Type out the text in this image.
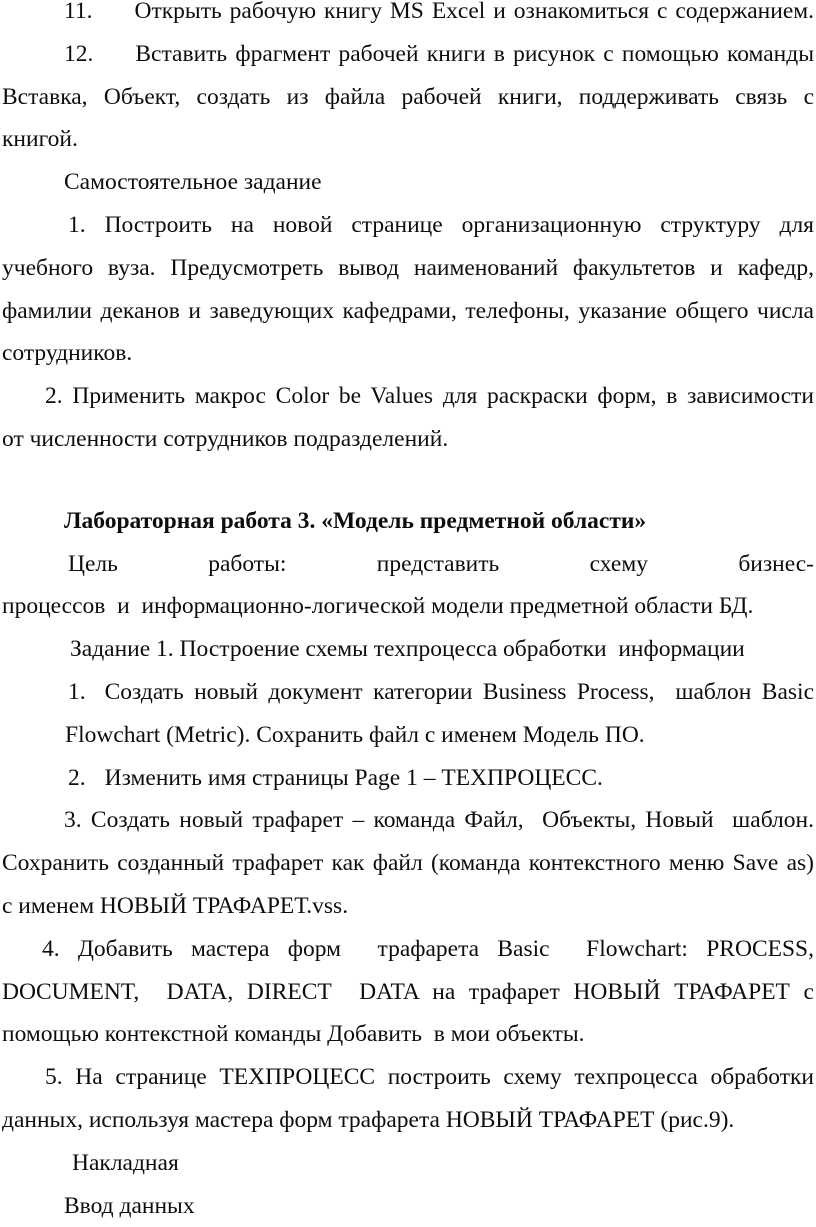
11. Открыть рабочую книгу MS Excel и ознакомиться с содержанием.
12. Вставить фрагмент рабочей книги в рисунок с помощью команды
Вставка, Объект, создать из файла рабочей книги, поддерживать связь с
книгой.
Самостоятельное задание
1. Построить на новой странице организационную структуру для
учебного вуза. Предусмотреть вывод наименований факультетов и кафедр,
фамилии деканов и заведующих кафедрами, телефоны, указание общего числа
сотрудников.
2. Применить макрос Color be Values для раскраски форм, в зависимости
от численности сотрудников подразделений.
Лабораторная работа 3. «Модель предметной области»
Цель работы: представить схему бизнес-
процессов  и  информационно-логической модели предметной области БД.
Задание 1. Построение схемы техпроцесса обработки  информации
1. Создать новый документ категории Business Process,  шаблон Basic
Flowchart (Metric). Сохранить файл с именем Модель ПО.
2. Изменить имя страницы Page 1 – ТЕХПРОЦЕСС.
3. Создать новый трафарет – команда Файл,  Объекты, Новый  шаблон.
Сохранить созданный трафарет как файл (команда контекстного меню Save as)
с именем НОВЫЙ ТРАФАРЕТ.vss.
4. Добавить мастера форм  трафарета Basic  Flowchart: PROCESS,
DOCUMENT,  DATA, DIRECT  DATA на трафарет НОВЫЙ ТРАФАРЕТ с
помощью контекстной команды Добавить  в мои объекты.
5. На странице ТЕХПРОЦЕСС построить схему техпроцесса обработки
данных, используя мастера форм трафарета НОВЫЙ ТРАФАРЕТ (рис.9).
Накладная
Ввод данных
